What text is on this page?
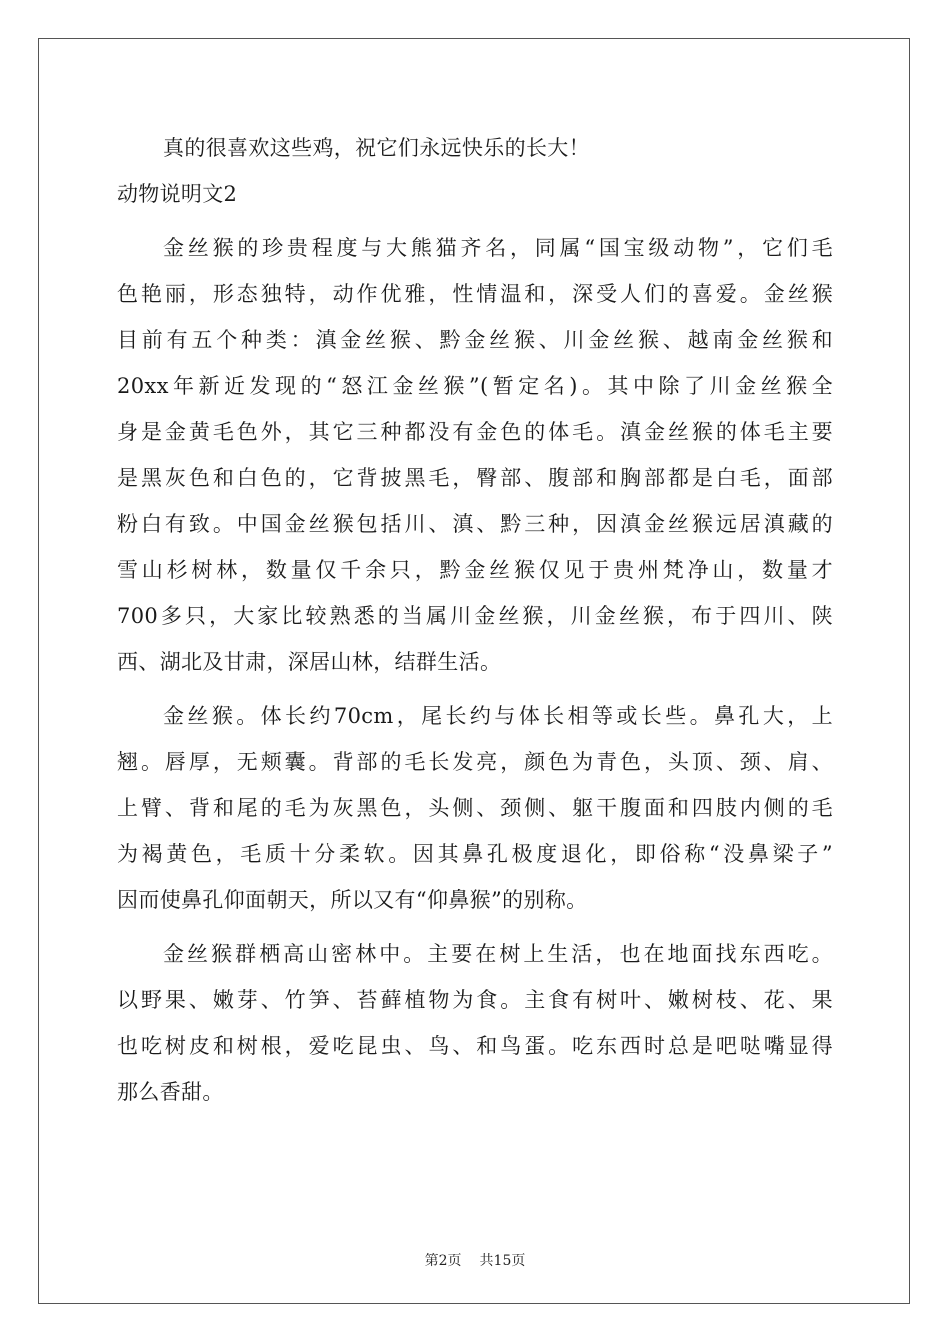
真的很喜欢这些鸡，祝它们永远快乐的长大！
动物说明文2
金丝猴的珍贵程度与大熊猫齐名，同属“国宝级动物”，它们毛
色艳丽，形态独特，动作优雅，性情温和，深受人们的喜爱。金丝猴
目前有五个种类：滇金丝猴、黔金丝猴、川金丝猴、越南金丝猴和
20xx年新近发现的“怒江金丝猴”(暂定名)。其中除了川金丝猴全
身是金黄毛色外，其它三种都没有金色的体毛。滇金丝猴的体毛主要
是黑灰色和白色的，它背披黑毛，臀部、腹部和胸部都是白毛，面部
粉白有致。中国金丝猴包括川、滇、黔三种，因滇金丝猴远居滇藏的
雪山杉树林，数量仅千余只，黔金丝猴仅见于贵州梵净山，数量才
700多只，大家比较熟悉的当属川金丝猴，川金丝猴，布于四川、陕
西、湖北及甘肃，深居山林，结群生活。
金丝猴。体长约70cm，尾长约与体长相等或长些。鼻孔大，上
翘。唇厚，无颊囊。背部的毛长发亮，颜色为青色，头顶、颈、肩、
上臂、背和尾的毛为灰黑色，头侧、颈侧、躯干腹面和四肢内侧的毛
为褐黄色，毛质十分柔软。因其鼻孔极度退化，即俗称“没鼻梁子”
因而使鼻孔仰面朝天，所以又有“仰鼻猴”的别称。
金丝猴群栖高山密林中。主要在树上生活，也在地面找东西吃。
以野果、嫩芽、竹笋、苔藓植物为食。主食有树叶、嫩树枝、花、果
也吃树皮和树根，爱吃昆虫、鸟、和鸟蛋。吃东西时总是吧哒嘴显得
那么香甜。
第2页 共15页
